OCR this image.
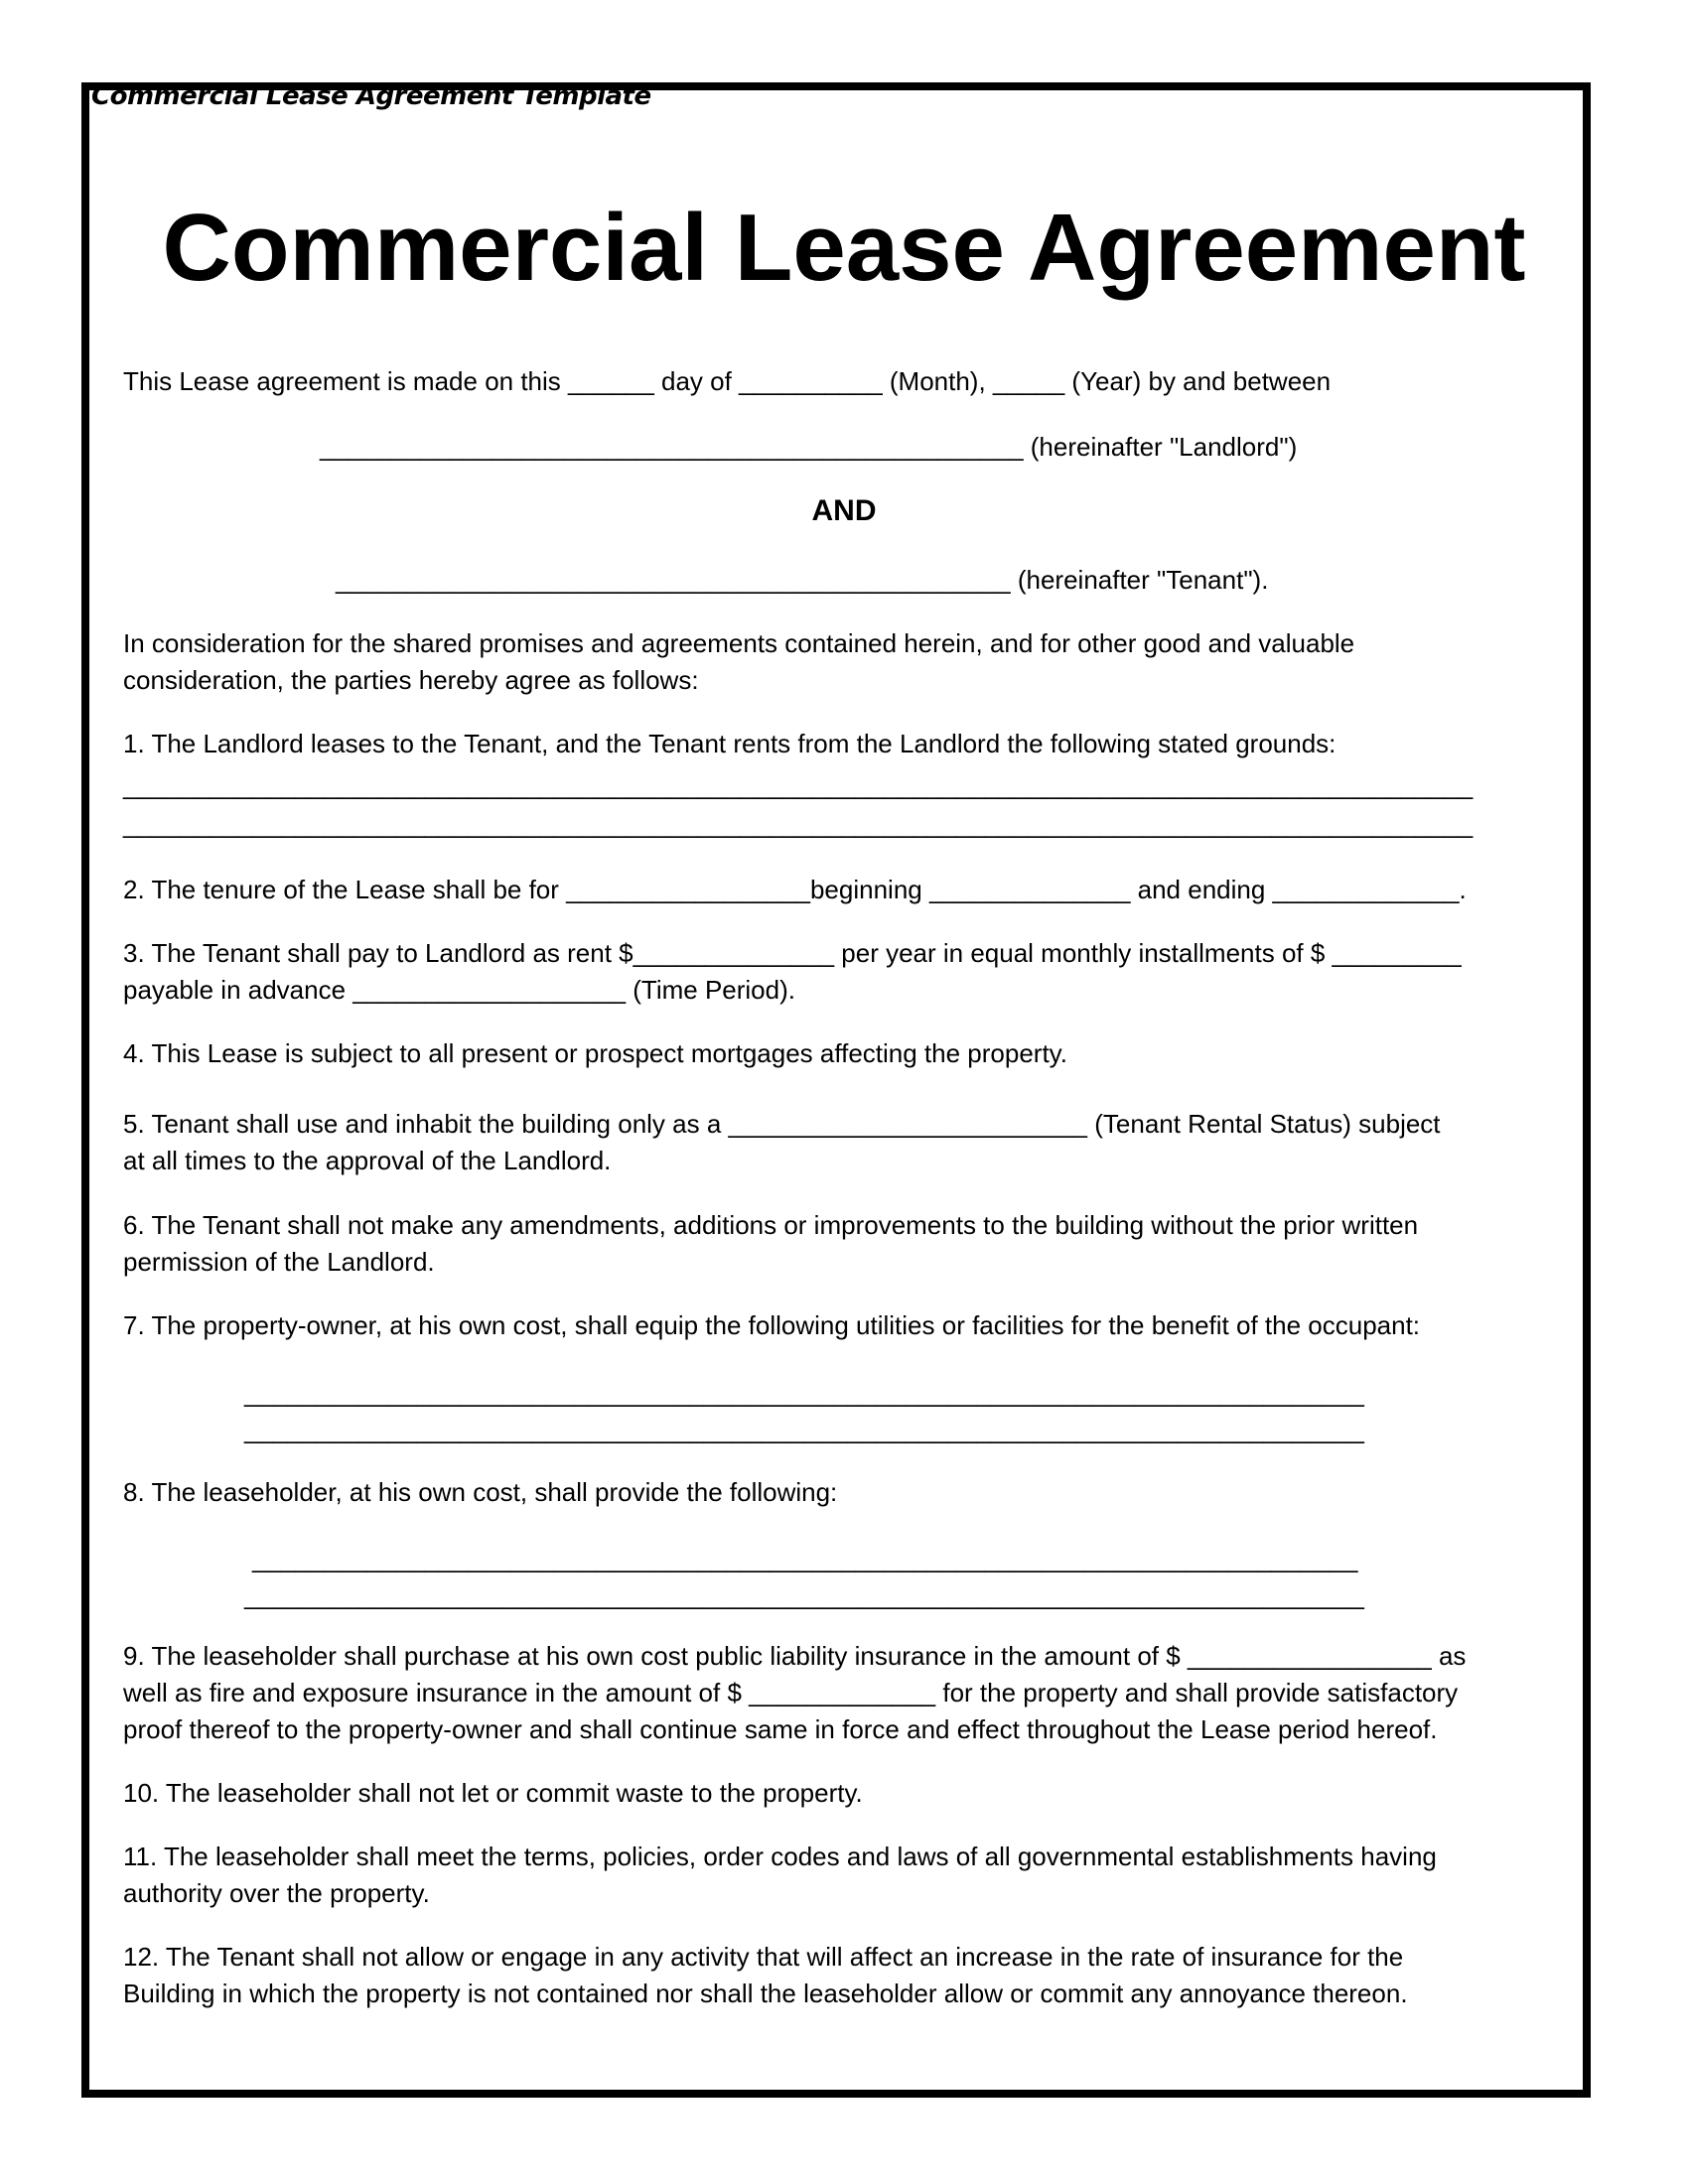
Commercial Lease Agreement Template
Commercial Lease Agreement
This Lease agreement is made on this ______ day of __________ (Month), _____ (Year) by and between
_________________________________________________ (hereinafter "Landlord")
AND
_______________________________________________ (hereinafter "Tenant").
In consideration for the shared promises and agreements contained herein, and for other good and valuable
consideration, the parties hereby agree as follows:
1. The Landlord leases to the Tenant, and the Tenant rents from the Landlord the following stated grounds:
______________________________________________________________________________________________
______________________________________________________________________________________________
2. The tenure of the Lease shall be for _________________beginning ______________ and ending _____________.
3. The Tenant shall pay to Landlord as rent $______________ per year in equal monthly installments of $ _________
payable in advance ___________________ (Time Period).
4. This Lease is subject to all present or prospect mortgages affecting the property.
5. Tenant shall use and inhabit the building only as a _________________________ (Tenant Rental Status) subject
at all times to the approval of the Landlord.
6. The Tenant shall not make any amendments, additions or improvements to the building without the prior written
permission of the Landlord.
7. The property-owner, at his own cost, shall equip the following utilities or facilities for the benefit of the occupant:
______________________________________________________________________________
______________________________________________________________________________
8. The leaseholder, at his own cost, shall provide the following:
_____________________________________________________________________________
______________________________________________________________________________
9. The leaseholder shall purchase at his own cost public liability insurance in the amount of $ _________________ as
well as fire and exposure insurance in the amount of $ _____________ for the property and shall provide satisfactory
proof thereof to the property-owner and shall continue same in force and effect throughout the Lease period hereof.
10. The leaseholder shall not let or commit waste to the property.
11. The leaseholder shall meet the terms, policies, order codes and laws of all governmental establishments having
authority over the property.
12. The Tenant shall not allow or engage in any activity that will affect an increase in the rate of insurance for the
Building in which the property is not contained nor shall the leaseholder allow or commit any annoyance thereon.
